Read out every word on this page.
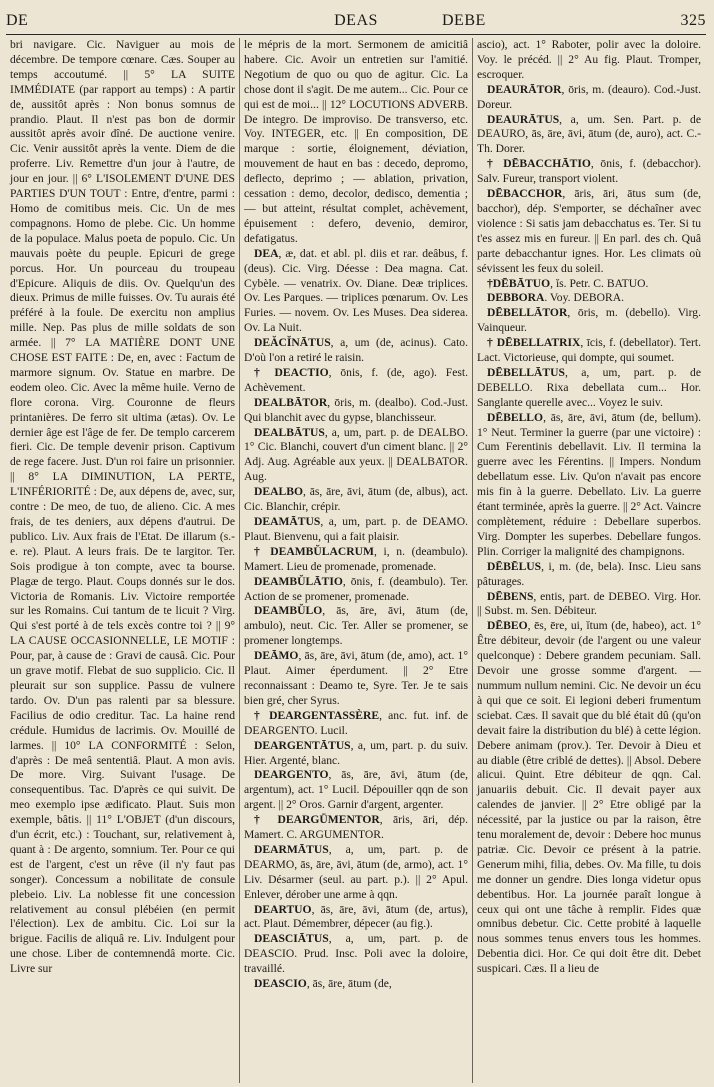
DE	DEAS	DEBE	325

bri navigare. Cic. Naviguer au mois de décembre. De tempore cœnare. Cæs. Souper au temps accoutumé. || 5° LA SUITE IMMÉDIATE (par rapport au temps) : A partir de, aussitôt après : Non bonus somnus de prandio. Plaut. Il n'est pas bon de dormir aussitôt après avoir dîné. De auctione venire. Cic. Venir aussitôt après la vente. Diem de die proferre. Liv. Remettre d'un jour à l'autre, de jour en jour. || 6° L'ISOLEMENT D'UNE DES PARTIES D'UN TOUT : Entre, d'entre, parmi : Homo de comitibus meis. Cic. Un de mes compagnons. Homo de plebe. Cic. Un homme de la populace. Malus poeta de populo. Cic. Un mauvais poète du peuple. Epicuri de grege porcus. Hor. Un pourceau du troupeau d'Epicure. Aliquis de diis. Ov. Quelqu'un des dieux. Primus de mille fuisses. Ov. Tu aurais été préféré à la foule. De exercitu non amplius mille. Nep. Pas plus de mille soldats de son armée. || 7° LA MATIÈRE DONT UNE CHOSE EST FAITE : De, en, avec : Factum de marmore signum. Ov. Statue en marbre. De eodem oleo. Cic. Avec la même huile. Verno de flore corona. Virg. Couronne de fleurs printanières. De ferro sit ultima (ætas). Ov. Le dernier âge est l'âge de fer. De templo carcerem fieri. Cic. De temple devenir prison. Captivum de rege facere. Just. D'un roi faire un prisonnier. || 8° LA DIMINUTION, LA PERTE, L'INFÉRIORITÉ : De, aux dépens de, avec, sur, contre : De meo, de tuo, de alieno. Cic. A mes frais, de tes deniers, aux dépens d'autrui. De publico. Liv. Aux frais de l'Etat. De illarum (s.-e. re). Plaut. A leurs frais. De te largitor. Ter. Sois prodigue à ton compte, avec ta bourse. Plagæ de tergo. Plaut. Coups donnés sur le dos. Victoria de Romanis. Liv. Victoire remportée sur les Romains. Cui tantum de te licuit ? Virg. Qui s'est porté à de tels excès contre toi ? || 9° LA CAUSE OCCASIONNELLE, LE MOTIF : Pour, par, à cause de : Gravi de causâ. Cic. Pour un grave motif. Flebat de suo supplicio. Cic. Il pleurait sur son supplice. Passu de vulnere tardo. Ov. D'un pas ralenti par sa blessure. Facilius de odio creditur. Tac. La haine rend crédule. Humidus de lacrimis. Ov. Mouillé de larmes. || 10° LA CONFORMITÉ : Selon, d'après : De meâ sententiâ. Plaut. A mon avis. De more. Virg. Suivant l'usage. De consequentibus. Tac. D'après ce qui suivit. De meo exemplo ipse ædificato. Plaut. Suis mon exemple, bâtis. || 11° L'OBJET (d'un discours, d'un écrit, etc.) : Touchant, sur, relativement à, quant à : De argento, somnium. Ter. Pour ce qui est de l'argent, c'est un rêve (il n'y faut pas songer). Concessum a nobilitate de consule plebeio. Liv. La noblesse fit une concession relativement au consul plébéien (en permit l'élection). Lex de ambitu. Cic. Loi sur la brigue. Facilis de aliquâ re. Liv. Indulgent pour une chose. Liber de contemnendâ morte. Cic. Livre sur

le mépris de la mort. Sermonem de amicitiâ habere. Cic. Avoir un entretien sur l'amitié. Negotium de quo ou quo de agitur. Cic. La chose dont il s'agit. De me autem... Cic. Pour ce qui est de moi... || 12° LOCUTIONS ADVERB. De integro. De improviso. De transverso, etc. Voy. INTEGER, etc. || En composition, DE marque : sortie, éloignement, déviation, mouvement de haut en bas : decedo, depromo, deflecto, deprimo ; — ablation, privation, cessation : demo, decolor, dedisco, dementia ; — but atteint, résultat complet, achèvement, épuisement : defero, devenio, demiror, defatigatus.

DEA, æ, dat. et abl. pl. diis et rar. deâbus, f. (deus). Cic. Virg. Déesse : Dea magna. Cat. Cybèle. — venatrix. Ov. Diane. Deæ triplices. Ov. Les Parques. — triplices pœnarum. Ov. Les Furies. — novem. Ov. Les Muses. Dea siderea. Ov. La Nuit.

DEĂCĬNĀTUS, a, um (de, acinus). Cato. D'où l'on a retiré le raisin.

† DEACTIO, ōnis, f. (de, ago). Fest. Achèvement.

DEALBĀTOR, ōris, m. (dealbo). Cod.-Just. Qui blanchit avec du gypse, blanchisseur.

DEALBĀTUS, a, um, part. p. de DEALBO. 1° Cic. Blanchi, couvert d'un ciment blanc. || 2° Adj. Aug. Agréable aux yeux. || DEALBATOR. Aug.

DEALBO, ās, āre, āvi, ātum (de, albus), act. Cic. Blanchir, crépir.

DEAMĀTUS, a, um, part. p. de DEAMO. Plaut. Bienvenu, qui a fait plaisir.

† DEAMBŬLACRUM, i, n. (deambulo). Mamert. Lieu de promenade, promenade.

DEAMBŬLĀTIO, ōnis, f. (deambulo). Ter. Action de se promener, promenade.

DEAMBŬLO, ās, āre, āvi, ātum (de, ambulo), neut. Cic. Ter. Aller se promener, se promener longtemps.

DEĀMO, ās, āre, āvi, ātum (de, amo), act. 1° Plaut. Aimer éperdument. || 2° Etre reconnaissant : Deamo te, Syre. Ter. Je te sais bien gré, cher Syrus.

† DEARGENTASSÈRE, anc. fut. inf. de DEARGENTO. Lucil.

DEARGENTĀTUS, a, um, part. p. du suiv. Hier. Argenté, blanc.

DEARGENTO, ās, āre, āvi, ātum (de, argentum), act. 1° Lucil. Dépouiller qqn de son argent. || 2° Oros. Garnir d'argent, argenter.

† DEARGŪMENTOR, āris, āri, dép. Mamert. C. ARGUMENTOR.

DEARMĀTUS, a, um, part. p. de DEARMO, ās, āre, āvi, ātum (de, armo), act. 1° Liv. Désarmer (seul. au part. p.). || 2° Apul. Enlever, dérober une arme à qqn.

DEARTUO, ās, āre, āvi, ātum (de, artus), act. Plaut. Démembrer, dépecer (au fig.).

DEASCIĀTUS, a, um, part. p. de DEASCIO. Prud. Insc. Poli avec la doloire, travaillé.

DEASCIO, ās, āre, ātum (de,

ascio), act. 1° Raboter, polir avec la doloire. Voy. le précéd. || 2° Au fig. Plaut. Tromper, escroquer.

DEAURĀTOR, ōris, m. (deauro). Cod.-Just. Doreur.

DEAURĀTUS, a, um. Sen. Part. p. de DEAURO, ās, āre, āvi, ātum (de, auro), act. C.-Th. Dorer.

† DĒBACCHĀTIO, ōnis, f. (debacchor). Salv. Fureur, transport violent.

DĒBACCHOR, āris, āri, ātus sum (de, bacchor), dép. S'emporter, se déchaîner avec violence : Si satis jam debacchatus es. Ter. Si tu t'es assez mis en fureur. || En parl. des ch. Quâ parte debacchantur ignes. Hor. Les climats où sévissent les feux du soleil.

†DĒBĀTUO, ĭs. Petr. C. BATUO.

DEBBORA. Voy. DEBORA.

DĒBELLĀTOR, ōris, m. (debello). Virg. Vainqueur.

† DĒBELLATRIX, īcis, f. (debellator). Tert. Lact. Victorieuse, qui dompte, qui soumet.

DĒBELLĀTUS, a, um, part. p. de DEBELLO. Rixa debellata cum... Hor. Sanglante querelle avec... Voyez le suiv.

DĒBELLO, ās, āre, āvi, ātum (de, bellum). 1° Neut. Terminer la guerre (par une victoire) : Cum Ferentinis debellavit. Liv. Il termina la guerre avec les Férentins. || Impers. Nondum debellatum esse. Liv. Qu'on n'avait pas encore mis fin à la guerre. Debellato. Liv. La guerre étant terminée, après la guerre. || 2° Act. Vaincre complètement, réduire : Debellare superbos. Virg. Dompter les superbes. Debellare fungos. Plin. Corriger la malignité des champignons.

DĒBĒLUS, i, m. (de, bela). Insc. Lieu sans pâturages.

DĒBENS, entis, part. de DEBEO. Virg. Hor. || Subst. m. Sen. Débiteur.

DĒBEO, ēs, ēre, ui, ĭtum (de, habeo), act. 1° Être débiteur, devoir (de l'argent ou une valeur quelconque) : Debere grandem pecuniam. Sall. Devoir une grosse somme d'argent. — nummum nullum nemini. Cic. Ne devoir un écu à qui que ce soit. Ei legioni deberi frumentum sciebat. Cæs. Il savait que du blé était dû (qu'on devait faire la distribution du blé) à cette légion. Debere animam (prov.). Ter. Devoir à Dieu et au diable (être criblé de dettes). || Absol. Debere alicui. Quint. Etre débiteur de qqn. Cal. januariis debuit. Cic. Il devait payer aux calendes de janvier. || 2° Etre obligé par la nécessité, par la justice ou par la raison, être tenu moralement de, devoir : Debere hoc munus patriæ. Cic. Devoir ce présent à la patrie. Generum mihi, filia, debes. Ov. Ma fille, tu dois me donner un gendre. Dies longa videtur opus debentibus. Hor. La journée paraît longue à ceux qui ont une tâche à remplir. Fides quæ omnibus debetur. Cic. Cette probité à laquelle nous sommes tenus envers tous les hommes. Debentia dici. Hor. Ce qui doit être dit. Debet suspicari. Cæs. Il a lieu de
